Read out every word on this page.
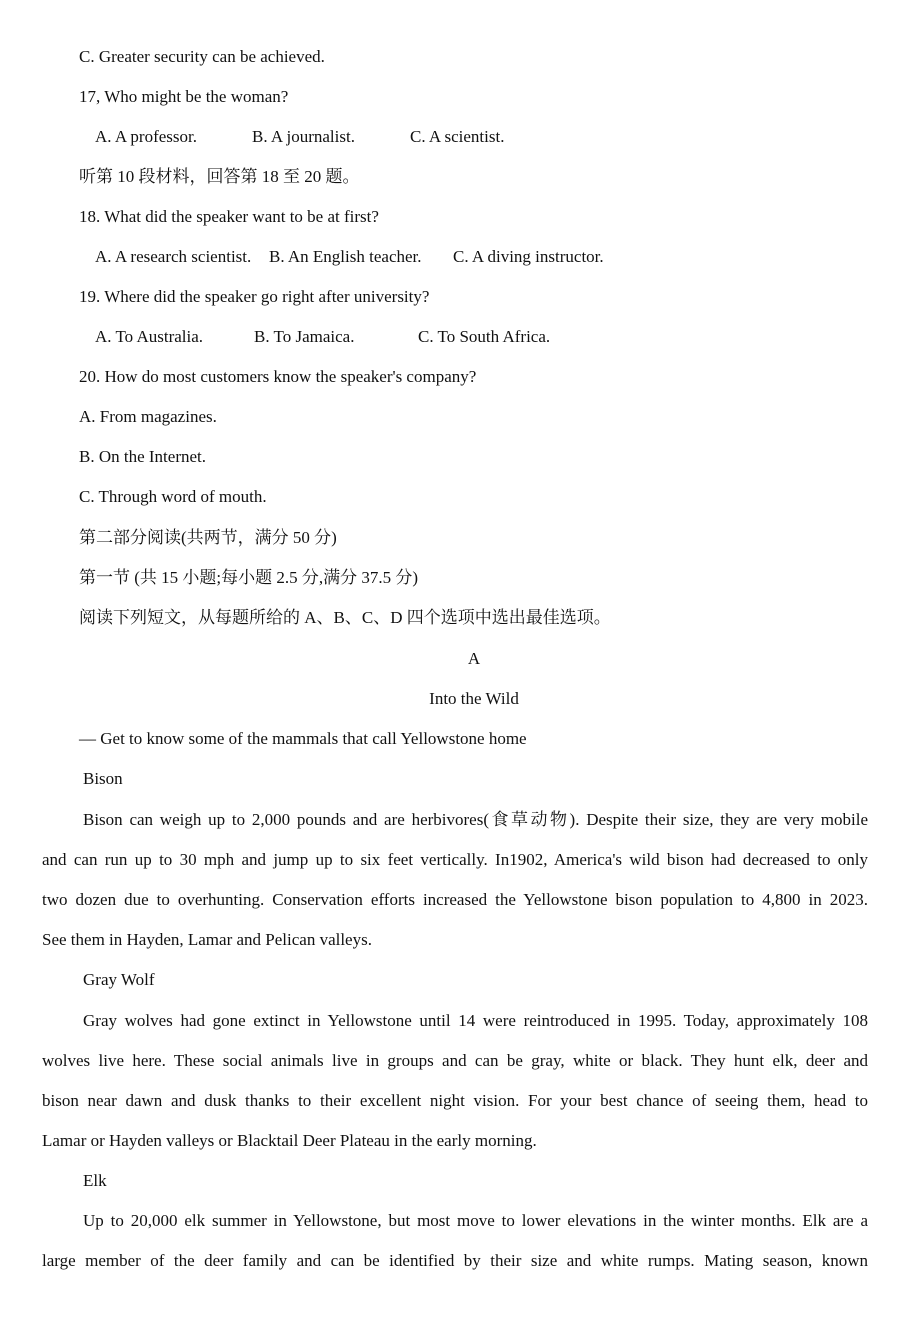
C. Greater security can be achieved.
17, Who might be the woman?
A. A professor.	B. A journalist.	C. A scientist.
听第 10 段材料，回答第 18 至 20 题。
18. What did the speaker want to be at first?
A. A research scientist. B. An English teacher. C. A diving instructor.
19. Where did the speaker go right after university?
A. To Australia.	B. To Jamaica.	C. To South Africa.
20. How do most customers know the speaker's company?
A. From magazines.
B. On the Internet.
C. Through word of mouth.
第二部分阅读(共两节，满分 50 分)
第一节 (共 15 小题;每小题 2.5 分,满分 37.5 分)
阅读下列短文，从每题所给的 A、B、C、D 四个选项中选出最佳选项。
A
Into the Wild
— Get to know some of the mammals that call Yellowstone home
Bison
Bison can weigh up to 2,000 pounds and are herbivores(食草动物). Despite their size, they are very mobile
and can run up to 30 mph and jump up to six feet vertically. In1902, America's wild bison had decreased to only
two dozen due to overhunting. Conservation efforts increased the Yellowstone bison population to 4,800 in 2023.
See them in Hayden, Lamar and Pelican valleys.
Gray Wolf
Gray wolves had gone extinct in Yellowstone until 14 were reintroduced in 1995. Today, approximately 108
wolves live here. These social animals live in groups and can be gray, white or black. They hunt elk, deer and
bison near dawn and dusk thanks to their excellent night vision. For your best chance of seeing them, head to
Lamar or Hayden valleys or Blacktail Deer Plateau in the early morning.
Elk
Up to 20,000 elk summer in Yellowstone, but most move to lower elevations in the winter months. Elk are a
large member of the deer family and can be identified by their size and white rumps. Mating season, known
